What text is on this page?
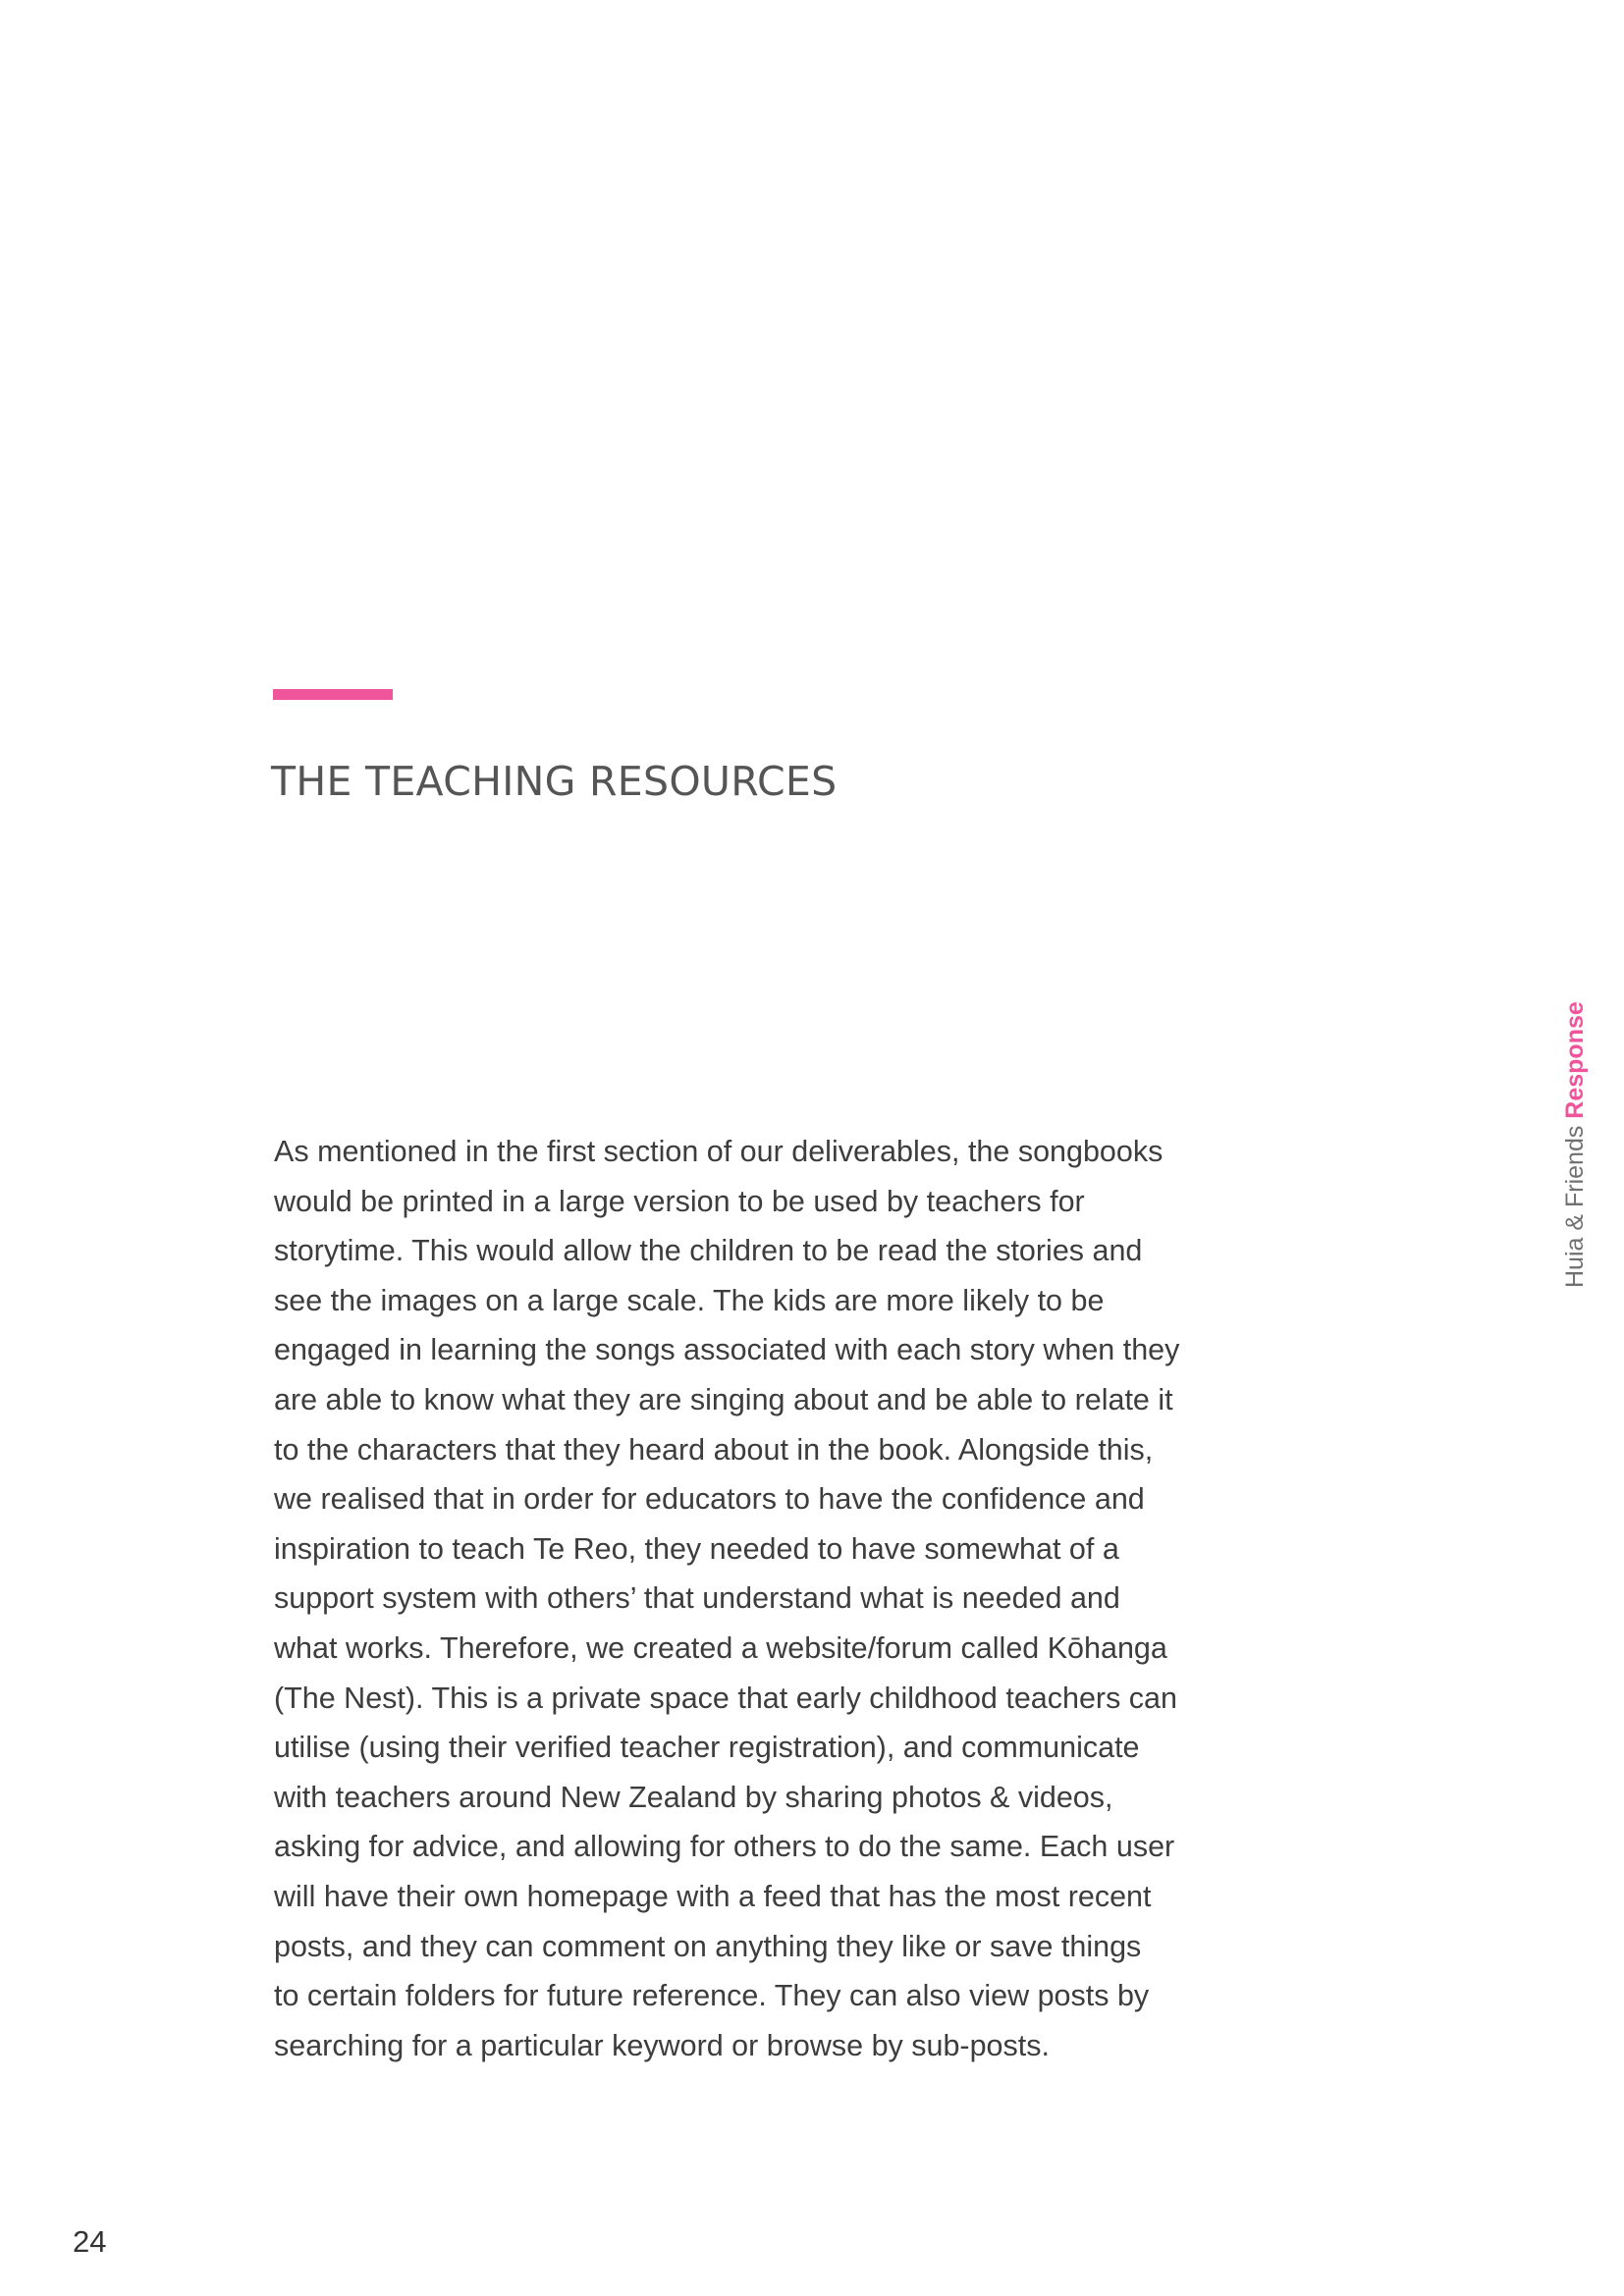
THE TEACHING RESOURCES
As mentioned in the first section of our deliverables, the songbooks
would be printed in a large version to be used by teachers for
storytime. This would allow the children to be read the stories and
see the images on a large scale. The kids are more likely to be
engaged in learning the songs associated with each story when they
are able to know what they are singing about and be able to relate it
to the characters that they heard about in the book. Alongside this,
we realised that in order for educators to have the confidence and
inspiration to teach Te Reo, they needed to have somewhat of a
support system with others’ that understand what is needed and
what works. Therefore, we created a website/forum called Kōhanga
(The Nest). This is a private space that early childhood teachers can
utilise (using their verified teacher registration), and communicate
with teachers around New Zealand by sharing photos & videos,
asking for advice, and allowing for others to do the same. Each user
will have their own homepage with a feed that has the most recent
posts, and they can comment on anything they like or save things
to certain folders for future reference. They can also view posts by
searching for a particular keyword or browse by sub-posts.
Huia & Friends Response
24
